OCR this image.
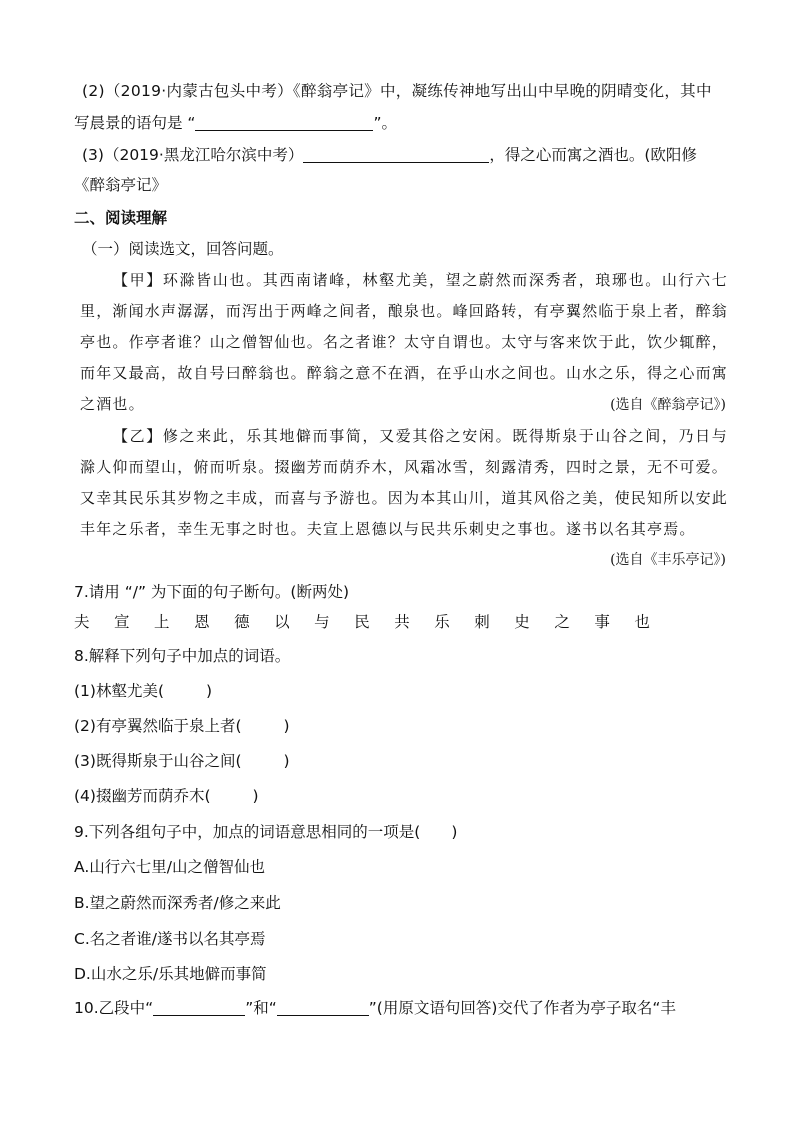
(2)（2019·内蒙古包头中考）《醉翁亭记》中，凝练传神地写出山中早晚的阴晴变化，其中
写晨景的语句是 “	”。
(3)（2019·黑龙江哈尔滨中考）	，得之心而寓之酒也。(欧阳修
《醉翁亭记》
二、阅读理解
（一）阅读选文，回答问题。
【甲】环滁皆山也。其西南诸峰，林壑尤美，望之蔚然而深秀者，琅琊也。山行六七里，渐闻水声潺潺，而泻出于两峰之间者，酿泉也。峰回路转，有亭翼然临于泉上者，醉翁亭也。作亭者谁？山之僧智仙也。名之者谁？太守自谓也。太守与客来饮于此，饮少辄醉，而年又最高，故自号曰醉翁也。醉翁之意不在酒，在乎山水之间也。山水之乐，得之心而寓之酒也。	(选自《醉翁亭记》)
【乙】修之来此，乐其地僻而事简，又爱其俗之安闲。既得斯泉于山谷之间，乃日与滁人仰而望山，俯而听泉。掇幽芳而荫乔木，风霜冰雪，刻露清秀，四时之景，无不可爱。又幸其民乐其岁物之丰成，而喜与予游也。因为本其山川，道其风俗之美，使民知所以安此丰年之乐者，幸生无事之时也。夫宣上恩德以与民共乐刺史之事也。遂书以名其亭焉。
(选自《丰乐亭记》)
7.请用 “/” 为下面的句子断句。(断两处)
夫 宣 上 恩 德 以 与 民 共 乐 刺 史 之 事 也
8.解释下列句子中加点的词语。
(1)林壑尤美(	)
(2)有亭翼然临于泉上者(	)
(3)既得斯泉于山谷之间(	)
(4)掇幽芳而荫乔木(	)
9.下列各组句子中，加点的词语意思相同的一项是(　　)
A.山行六七里/山之僧智仙也
B.望之蔚然而深秀者/修之来此
C.名之者谁/遂书以名其亭焉
D.山水之乐/乐其地僻而事简
10.乙段中“	”和“	”(用原文语句回答)交代了作者为亭子取名“丰
